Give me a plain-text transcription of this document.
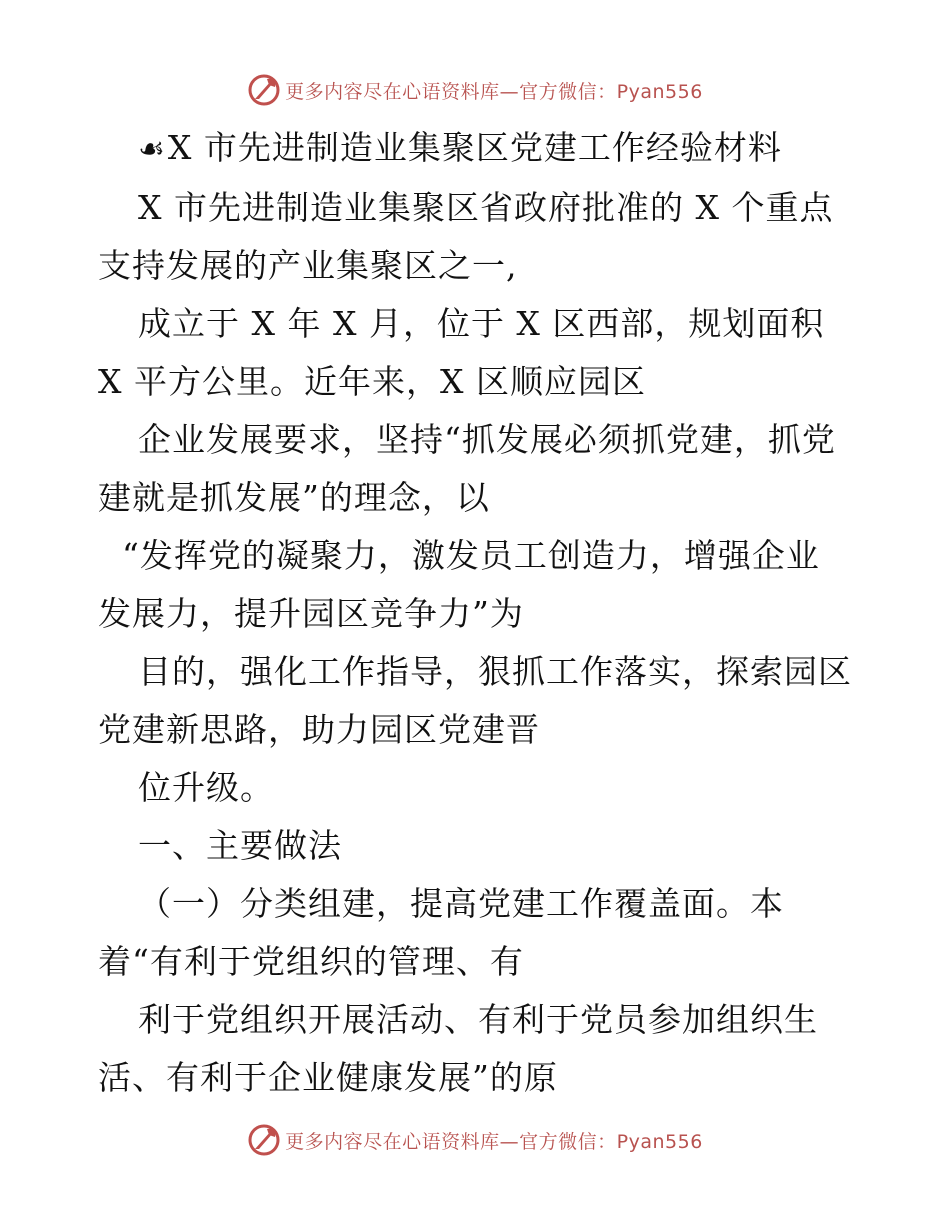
更多内容尽在心语资料库—官方微信：Pyan556
☙X 市先进制造业集聚区党建工作经验材料
X 市先进制造业集聚区省政府批准的 X 个重点
支持发展的产业集聚区之一,
成立于 X 年 X 月，位于 X 区西部，规划面积
X 平方公里。近年来，X 区顺应园区
企业发展要求，坚持“抓发展必须抓党建，抓党
建就是抓发展”的理念，以
“发挥党的凝聚力，激发员工创造力，增强企业
发展力，提升园区竞争力”为
目的，强化工作指导，狠抓工作落实，探索园区
党建新思路，助力园区党建晋
位升级。
一、主要做法
（一）分类组建，提高党建工作覆盖面。本
着“有利于党组织的管理、有
利于党组织开展活动、有利于党员参加组织生
活、有利于企业健康发展”的原
更多内容尽在心语资料库—官方微信：Pyan556
